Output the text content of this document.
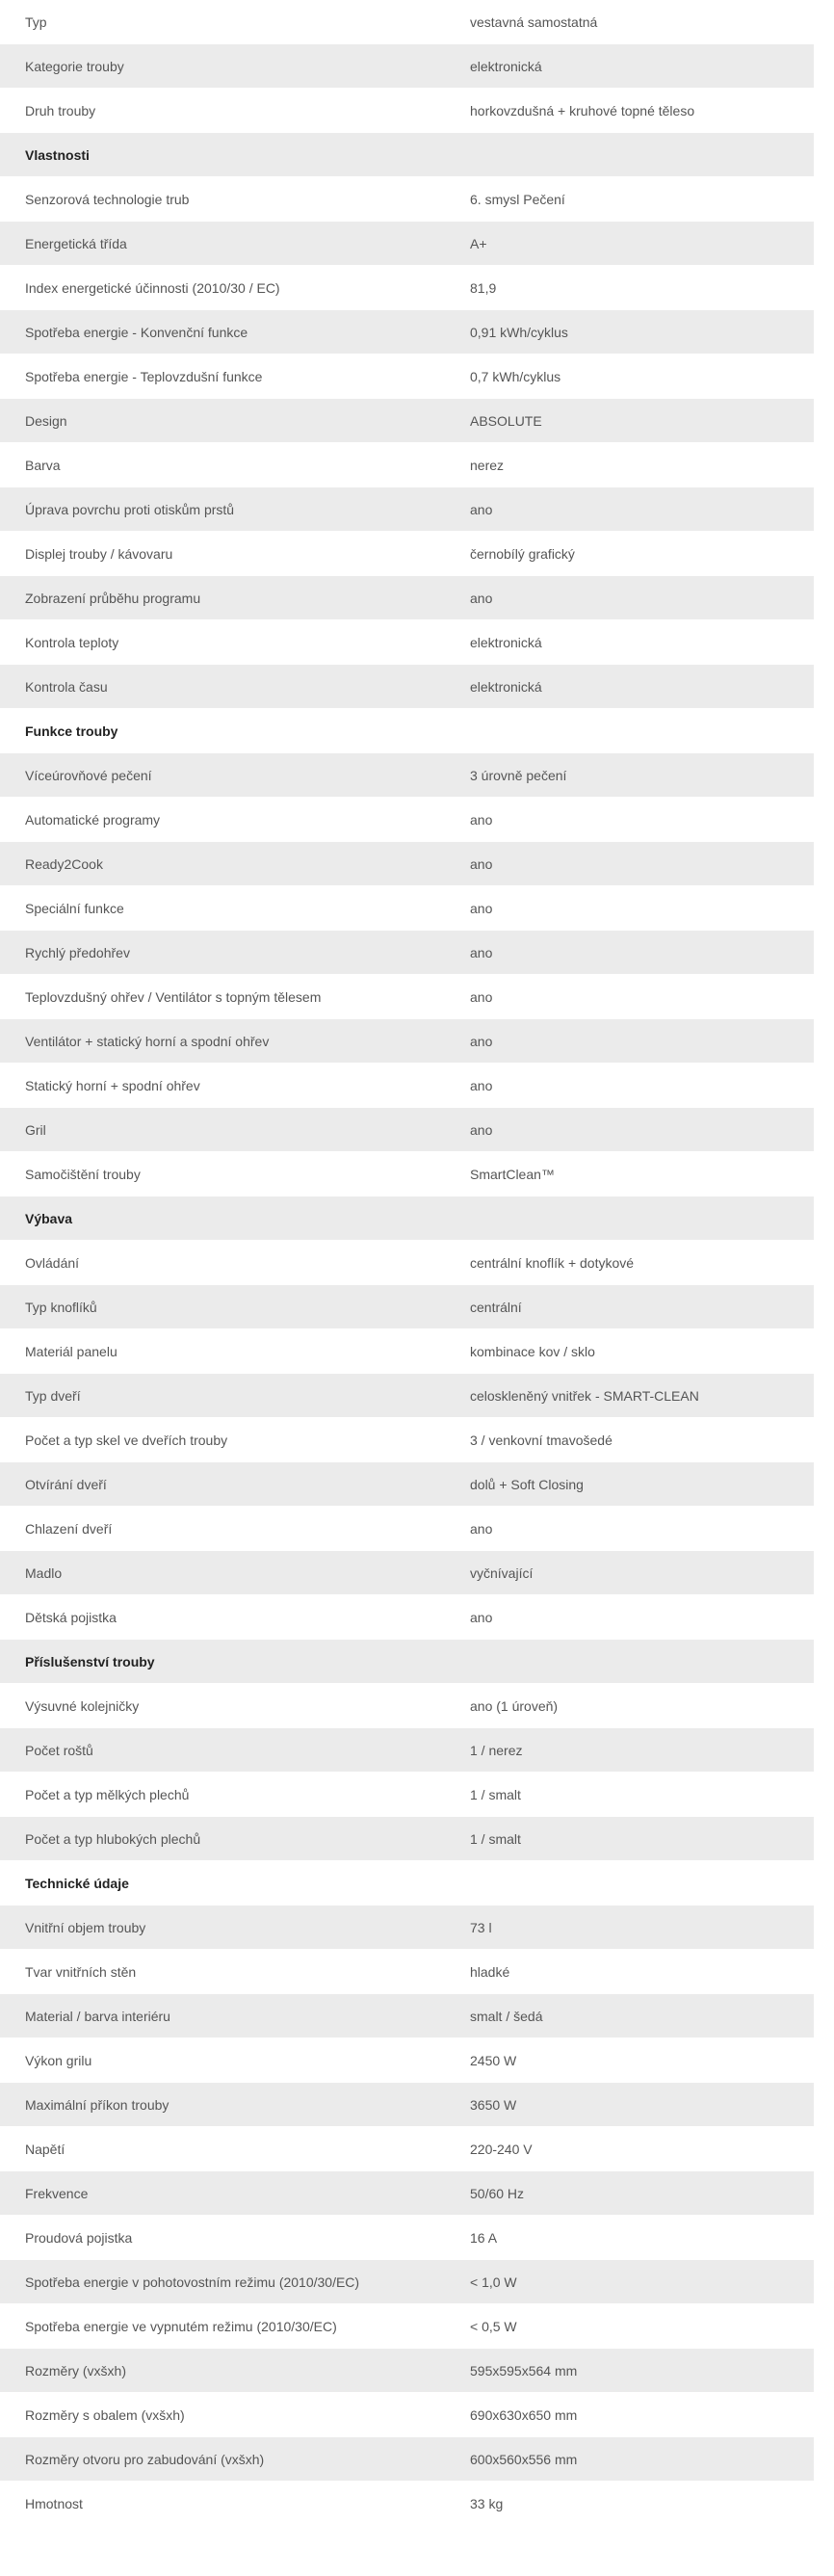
Typ	vestavná samostatná
Kategorie trouby	elektronická
Druh trouby	horkovzdušná + kruhové topné těleso
Vlastnosti
Senzorová technologie trub	6. smysl Pečení
Energetická třída	A+
Index energetické účinnosti (2010/30 / EC)	81,9
Spotřeba energie - Konvenční funkce	0,91 kWh/cyklus
Spotřeba energie - Teplovzdušní funkce	0,7 kWh/cyklus
Design	ABSOLUTE
Barva	nerez
Úprava povrchu proti otiskům prstů	ano
Displej trouby / kávovaru	černobílý grafický
Zobrazení průběhu programu	ano
Kontrola teploty	elektronická
Kontrola času	elektronická
Funkce trouby
Víceúrovňové pečení	3 úrovně pečení
Automatické programy	ano
Ready2Cook	ano
Speciální funkce	ano
Rychlý předohřev	ano
Teplovzdušný ohřev / Ventilátor s topným tělesem	ano
Ventilátor + statický horní a spodní ohřev	ano
Statický horní + spodní ohřev	ano
Gril	ano
Samočištění trouby	SmartClean™
Výbava
Ovládání	centrální knoflík + dotykové
Typ knoflíků	centrální
Materiál panelu	kombinace kov / sklo
Typ dveří	celoskleněný vnitřek - SMART-CLEAN
Počet a typ skel ve dveřích trouby	3 / venkovní tmavošedé
Otvírání dveří	dolů + Soft Closing
Chlazení dveří	ano
Madlo	vyčnívající
Dětská pojistka	ano
Příslušenství trouby
Výsuvné kolejničky	ano (1 úroveň)
Počet roštů	1 / nerez
Počet a typ mělkých plechů	1 / smalt
Počet a typ hlubokých plechů	1 / smalt
Technické údaje
Vnitřní objem trouby	73 l
Tvar vnitřních stěn	hladké
Material / barva interiéru	smalt / šedá
Výkon grilu	2450 W
Maximální příkon trouby	3650 W
Napětí	220-240 V
Frekvence	50/60 Hz
Proudová pojistka	16 A
Spotřeba energie v pohotovostním režimu (2010/30/EC)	< 1,0 W
Spotřeba energie ve vypnutém režimu (2010/30/EC)	< 0,5 W
Rozměry (vxšxh)	595x595x564 mm
Rozměry s obalem (vxšxh)	690x630x650 mm
Rozměry otvoru pro zabudování (vxšxh)	600x560x556 mm
Hmotnost	33 kg
